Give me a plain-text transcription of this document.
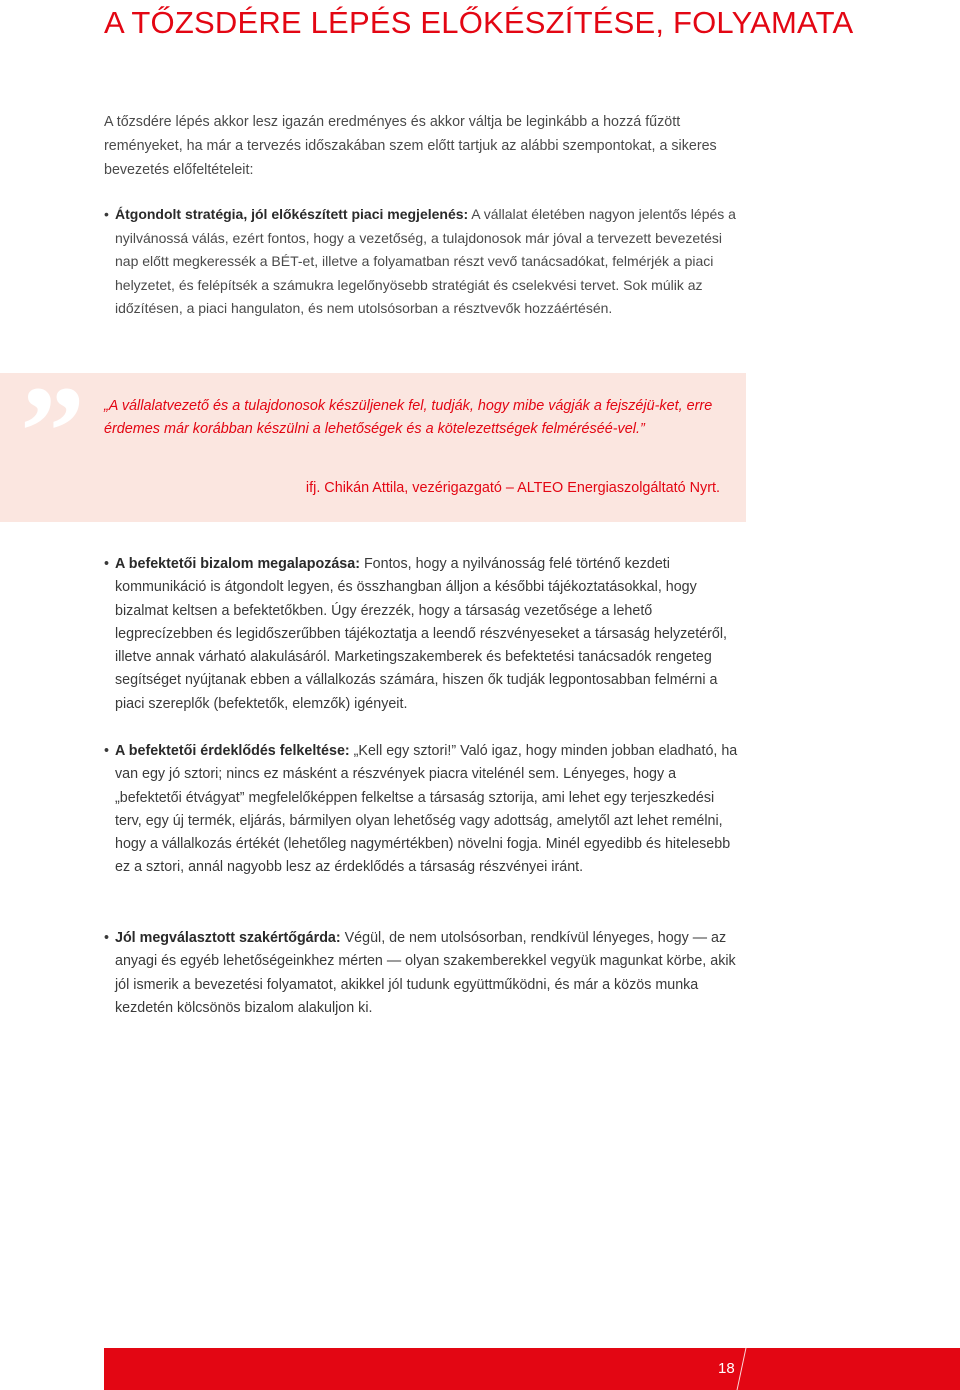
A TŐZSDÉRE LÉPÉS ELŐKÉSZÍTÉSE, FOLYAMATA

A tőzsdére lépés akkor lesz igazán eredményes és akkor váltja be leginkább a hozzá fűzött reményeket, ha már a tervezés időszakában szem előtt tartjuk az alábbi szempontokat, a sikeres bevezetés előfeltételeit:

• Átgondolt stratégia, jól előkészített piaci megjelenés: A vállalat életében nagyon jelentős lépés a nyilvánossá válás, ezért fontos, hogy a vezetőség, a tulajdonosok már jóval a tervezett bevezetési nap előtt megkeressék a BÉT-et, illetve a folyamatban részt vevő tanácsadókat, felmérjék a piaci helyzetet, és felépítsék a számukra legelőnyösebb stratégiát és cselekvési tervet. Sok múlik az időzítésen, a piaci hangulaton, és nem utolsósorban a résztvevők hozzáértésén.
” „A vállalatvezető és a tulajdonosok készüljenek fel, tudják, hogy mibe vágják a fejszéjü-ket, erre érdemes már korábban készülni a lehetőségek és a kötelezettségek felméréséé-vel.”

ifj. Chikán Attila, vezérigazgató – ALTEO Energiaszolgáltató Nyrt.

• A befektetői bizalom megalapozása: Fontos, hogy a nyilvánosság felé történő kezdeti kommunikáció is átgondolt legyen, és összhangban álljon a későbbi tájékoztatásokkal, hogy bizalmat keltsen a befektetőkben. Úgy érezzék, hogy a társaság vezetősége a lehető legprecízebben és legidőszerűbben tájékoztatja a leendő részvényeseket a társaság helyzetéről, illetve annak várható alakulásáról. Marketingszakemberek és befektetési tanácsadók rengeteg segítséget nyújtanak ebben a vállalkozás számára, hiszen ők tudják legpontosabban felmérni a piaci szereplők (befektetők, elemzők) igényeit.
• A befektetői érdeklődés felkeltése: „Kell egy sztori!” Való igaz, hogy minden jobban eladható, ha van egy jó sztori; nincs ez másként a részvények piacra vitelénél sem. Lényeges, hogy a „befektetői étvágyat” megfelelőképpen felkeltse a társaság sztorija, ami lehet egy terjeszkedési terv, egy új termék, eljárás, bármilyen olyan lehetőség vagy adottság, amelytől azt lehet remélni, hogy a vállalkozás értékét (lehetőleg nagymértékben) növelni fogja. Minél egyedibb és hitelesebb ez a sztori, annál nagyobb lesz az érdeklődés a társaság részvényei iránt.
• Jól megválasztott szakértőgárda: Végül, de nem utolsósorban, rendkívül lényeges, hogy — az anyagi és egyéb lehetőségeinkhez mérten — olyan szakemberekkel vegyük magunkat körbe, akik jól ismerik a bevezetési folyamatot, akikkel jól tudunk együttműködni, és már a közös munka kezdetén kölcsönös bizalom alakuljon ki.
18
